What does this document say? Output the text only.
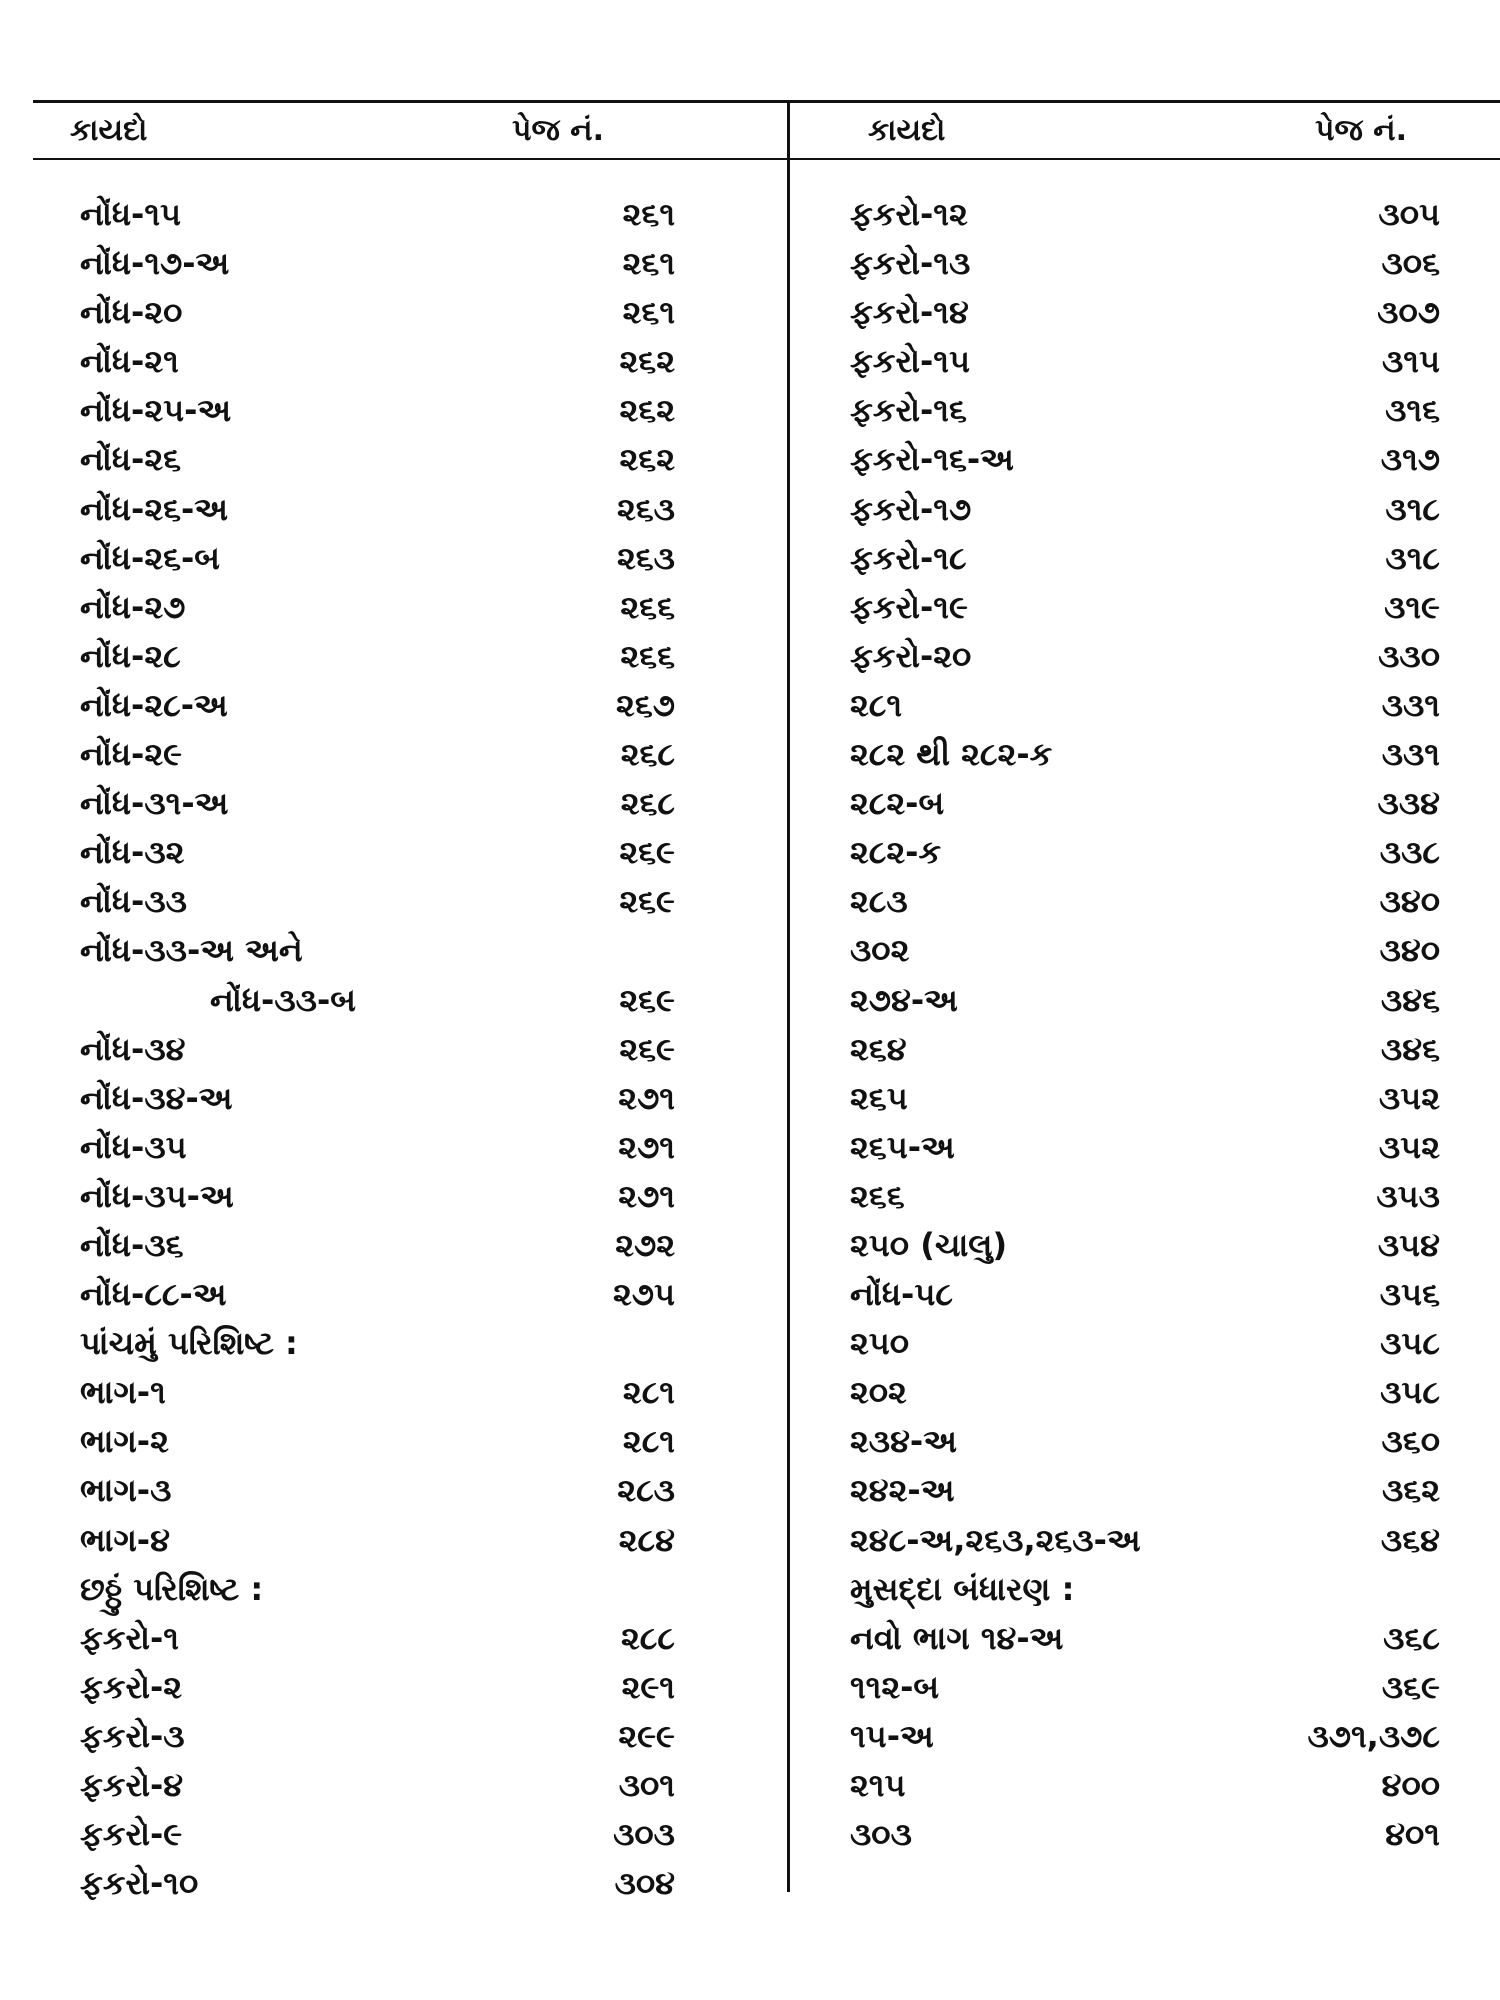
કાયદો	પેજ નં.	કાયદો	પેજ નં.
નોંધ-૧૫	૨૬૧
નોંધ-૧૭-અ	૨૬૧
નોંધ-૨૦	૨૬૧
નોંધ-૨૧	૨૬૨
નોંધ-૨૫-અ	૨૬૨
નોંધ-૨૬	૨૬૨
નોંધ-૨૬-અ	૨૬૩
નોંધ-૨૬-બ	૨૬૩
નોંધ-૨૭	૨૬૬
નોંધ-૨૮	૨૬૬
નોંધ-૨૮-અ	૨૬૭
નોંધ-૨૯	૨૬૮
નોંધ-૩૧-અ	૨૬૮
નોંધ-૩૨	૨૬૯
નોંધ-૩૩	૨૬૯
નોંધ-૩૩-અ અને
નોંધ-૩૩-બ	૨૬૯
નોંધ-૩૪	૨૬૯
નોંધ-૩૪-અ	૨૭૧
નોંધ-૩૫	૨૭૧
નોંધ-૩૫-અ	૨૭૧
નોંધ-૩૬	૨૭૨
નોંધ-૮૮-અ	૨૭૫
પાંચમું પરિશિષ્ટ :
ભાગ-૧	૨૮૧
ભાગ-૨	૨૮૧
ભાગ-૩	૨૮૩
ભાગ-૪	૨૮૪
છઠ્ઠું પરિશિષ્ટ :
ફકરો-૧	૨૮૮
ફકરો-૨	૨૯૧
ફકરો-૩	૨૯૯
ફકરો-૪	૩૦૧
ફકરો-૯	૩૦૩
ફકરો-૧૦	૩૦૪
ફકરો-૧૨	૩૦૫
ફકરો-૧૩	૩૦૬
ફકરો-૧૪	૩૦૭
ફકરો-૧૫	૩૧૫
ફકરો-૧૬	૩૧૬
ફકરો-૧૬-અ	૩૧૭
ફકરો-૧૭	૩૧૮
ફકરો-૧૮	૩૧૮
ફકરો-૧૯	૩૧૯
ફકરો-૨૦	૩૩૦
૨૮૧	૩૩૧
૨૮૨ થી ૨૮૨-ક	૩૩૧
૨૮૨-બ	૩૩૪
૨૮૨-ક	૩૩૮
૨૮૩	૩૪૦
૩૦૨	૩૪૦
૨૭૪-અ	૩૪૬
૨૬૪	૩૪૬
૨૬૫	૩૫૨
૨૬૫-અ	૩૫૨
૨૬૬	૩૫૩
૨૫૦ (ચાલુ)	૩૫૪
નોંધ-૫૮	૩૫૬
૨૫૦	૩૫૮
૨૦૨	૩૫૮
૨૩૪-અ	૩૬૦
૨૪૨-અ	૩૬૨
૨૪૮-અ,૨૬૩,૨૬૩-અ	૩૬૪
મુસદ્દા બંધારણ :
નવો ભાગ ૧૪-અ	૩૬૮
૧૧૨-બ	૩૬૯
૧૫-અ	૩૭૧,૩૭૮
૨૧૫	૪૦૦
૩૦૩	૪૦૧
